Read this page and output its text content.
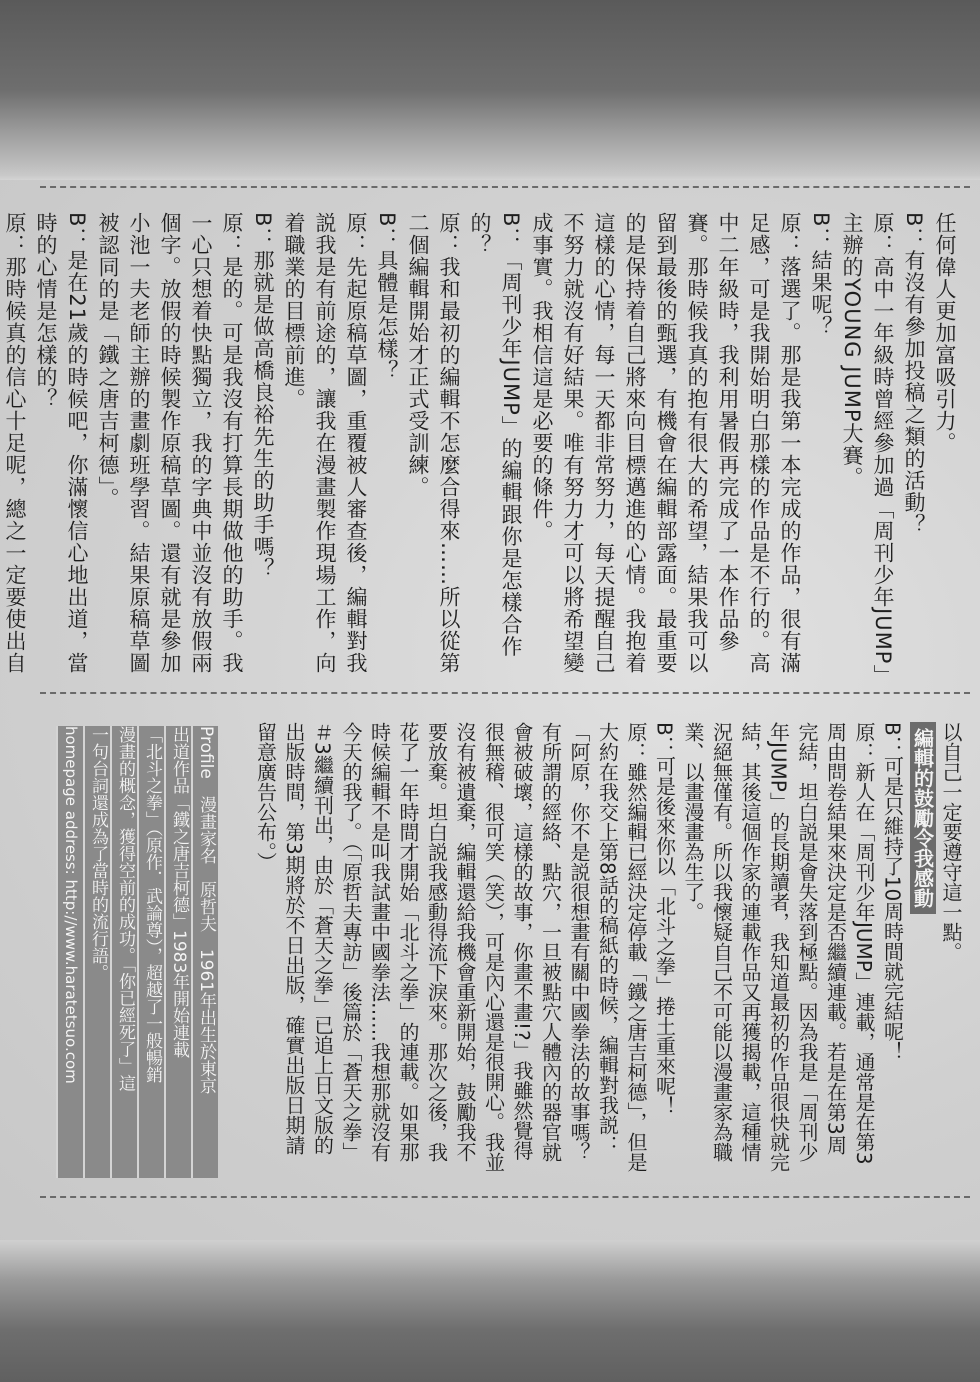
任何偉人更加富吸引力。

B：有沒有參加投稿之類的活動？

原：高中一年級時曾經參加過「周刊少年JUMP」主辦的YOUNG JUMP大賽。

B：結果呢？

原：落選了。那是我第一本完成的作品，很有滿足感，可是我開始明白那樣的作品是不行的。高中二年級時，我利用暑假再完成了一本作品參賽。那時候我真的抱有很大的希望，結果我可以留到最後的甄選，有機會在編輯部露面。最重要的是保持着自己將來向目標邁進的心情。我抱着這樣的心情，每一天都非常努力，每天提醒自己不努力就沒有好結果。唯有努力才可以將希望變成事實。我相信這是必要的條件。

B：「周刊少年JUMP」的編輯跟你是怎樣合作的？

原：我和最初的編輯不怎麼合得來……所以從第二個編輯開始才正式受訓練。

B：具體是怎樣？

原：先起原稿草圖，重覆被人審查後，編輯對我説我是有前途的，讓我在漫畫製作現場工作，向着職業的目標前進。

B：那就是做高橋良裕先生的助手嗎？

原：是的。可是我沒有打算長期做他的助手。我一心只想着快點獨立，我的字典中並沒有放假兩個字。放假的時候製作原稿草圖。還有就是參加小池一夫老師主辦的畫劇班學習。結果原稿草圖被認同的是「鐵之唐吉柯德」。

B：是在21歲的時候吧，你滿懷信心地出道，當時的心情是怎樣的？

原：那時候真的信心十足呢，總之一定要使出自

以自己一定要遵守這一點。

編輯的鼓勵令我感動

B：可是只維持了10周時間就完結呢！

原：新人在「周刊少年JUMP」連載，通常是在第3周由問卷結果來決定是否繼續連載。若是在第3周完結，坦白説是會失落到極點。因為我是「周刊少年JUMP」的長期讀者，我知道最初的作品很快就完結，其後這個作家的連載作品又再獲揭載，這種情況絕無僅有。所以我懷疑自己不可能以漫畫家為職業、以畫漫畫為生了。

B：可是後來你以「北斗之拳」捲土重來呢！

原：雖然編輯已經決定停載「鐵之唐吉柯德」，但是大約在我交上第8話的稿紙的時候，編輯對我説：「阿原，你不是説很想畫有關中國拳法的故事嗎？有所謂的經絡、點穴，一旦被點穴人體內的器官就會被破壞，這樣的故事，你畫不畫!?」我雖然覺得很無稽、很可笑（笑），可是內心還是很開心。我並沒有被遺棄，編輯還給我機會重新開始，鼓勵我不要放棄。坦白説我感動得流下淚來。那次之後，我花了一年時間才開始「北斗之拳」的連載。如果那時候編輯不是叫我試畫中國拳法……我想那就沒有今天的我了。（「原哲夫專訪」後篇於「蒼天之拳」＃3繼續刊出，由於「蒼天之拳」已追上日文版的出版時間，第3期將於不日出版，確實出版日期請留意廣告公布。）

Profile　漫畫家名　原哲夫　1961年出生於東京

出道作品「鐵之唐吉柯德」1983年開始連載

「北斗之拳」（原作．武論尊），超越了一般暢銷

漫畫的概念，獲得空前的成功。「你已經死了」這

一句台詞還成為了當時的流行語。

homepage address: http://www.haratetsuo.com
